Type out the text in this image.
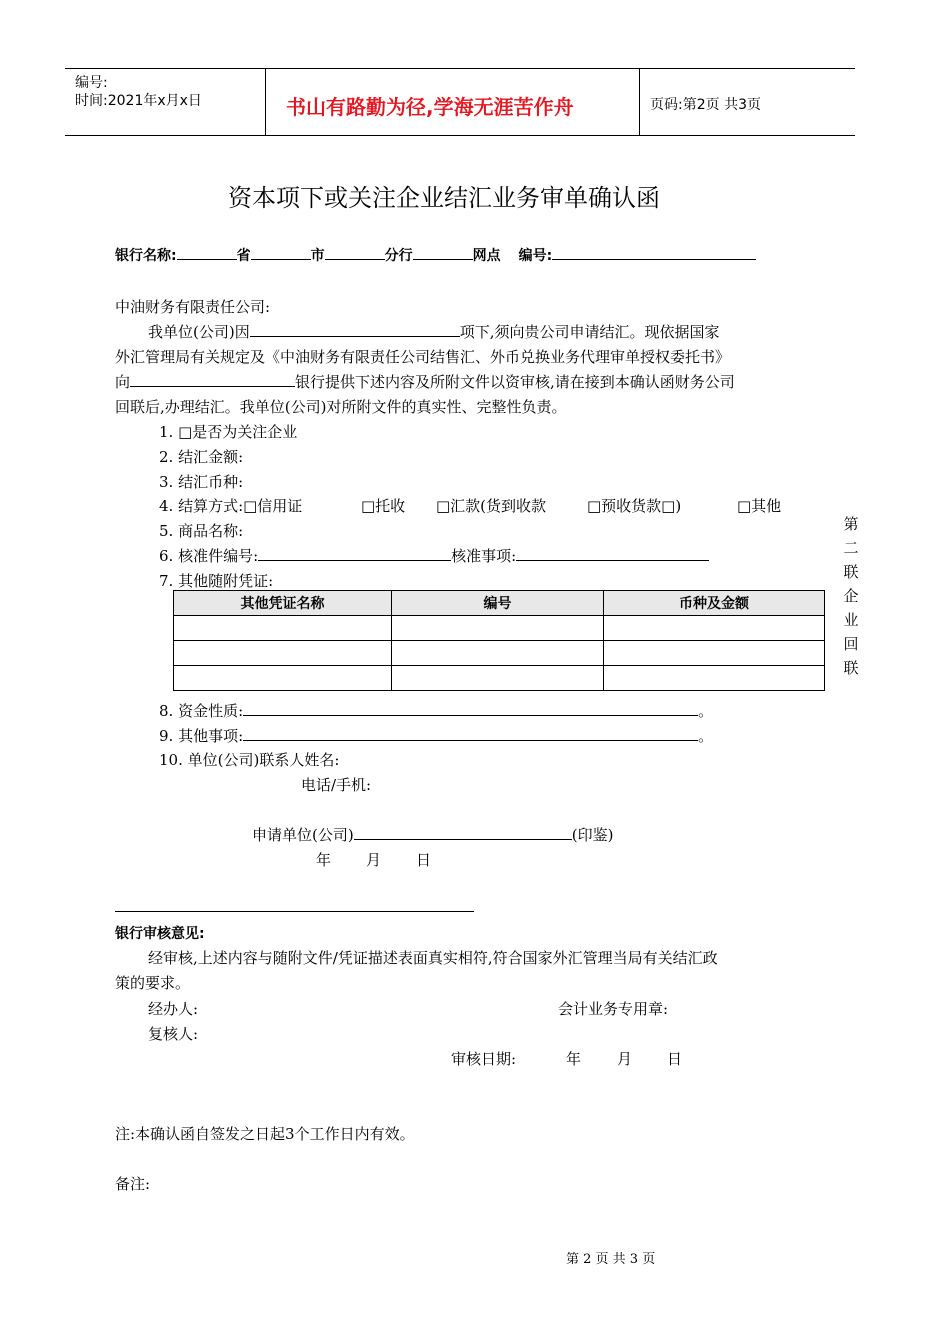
编号:
时间:2021年x月x日	书山有路勤为径,学海无涯苦作舟	页码:第2页 共3页
资本项下或关注企业结汇业务审单确认函
银行名称:	省	市	分行	网点 编号:
中油财务有限责任公司:
我单位(公司)因	项下,须向贵公司申请结汇。现依据国家
外汇管理局有关规定及《中油财务有限责任公司结售汇、外币兑换业务代理审单授权委托书》
向	银行提供下述内容及所附文件以资审核,请在接到本确认函财务公司
回联后,办理结汇。我单位(公司)对所附文件的真实性、完整性负责。
1. □是否为关注企业
2. 结汇金额:
3. 结汇币种:
4. 结算方式:□信用证	□托收 □汇款(货到收款	□预收货款□)	□其他
5. 商品名称:
6. 核准件编号:	核准事项:
7. 其他随附凭证:
其他凭证名称	编号	币种及金额

第
二
联
企
业
回
联
8. 资金性质:	。
9. 其他事项:	。
10. 单位(公司)联系人姓名:
电话/手机:
申请单位(公司)	(印鉴)
年 月 日
银行审核意见:
经审核,上述内容与随附文件/凭证描述表面真实相符,符合国家外汇管理当局有关结汇政
策的要求。
经办人:	会计业务专用章:
复核人:
审核日期:	年 月 日
注:本确认函自签发之日起3个工作日内有效。
备注:
第 2 页 共 3 页
